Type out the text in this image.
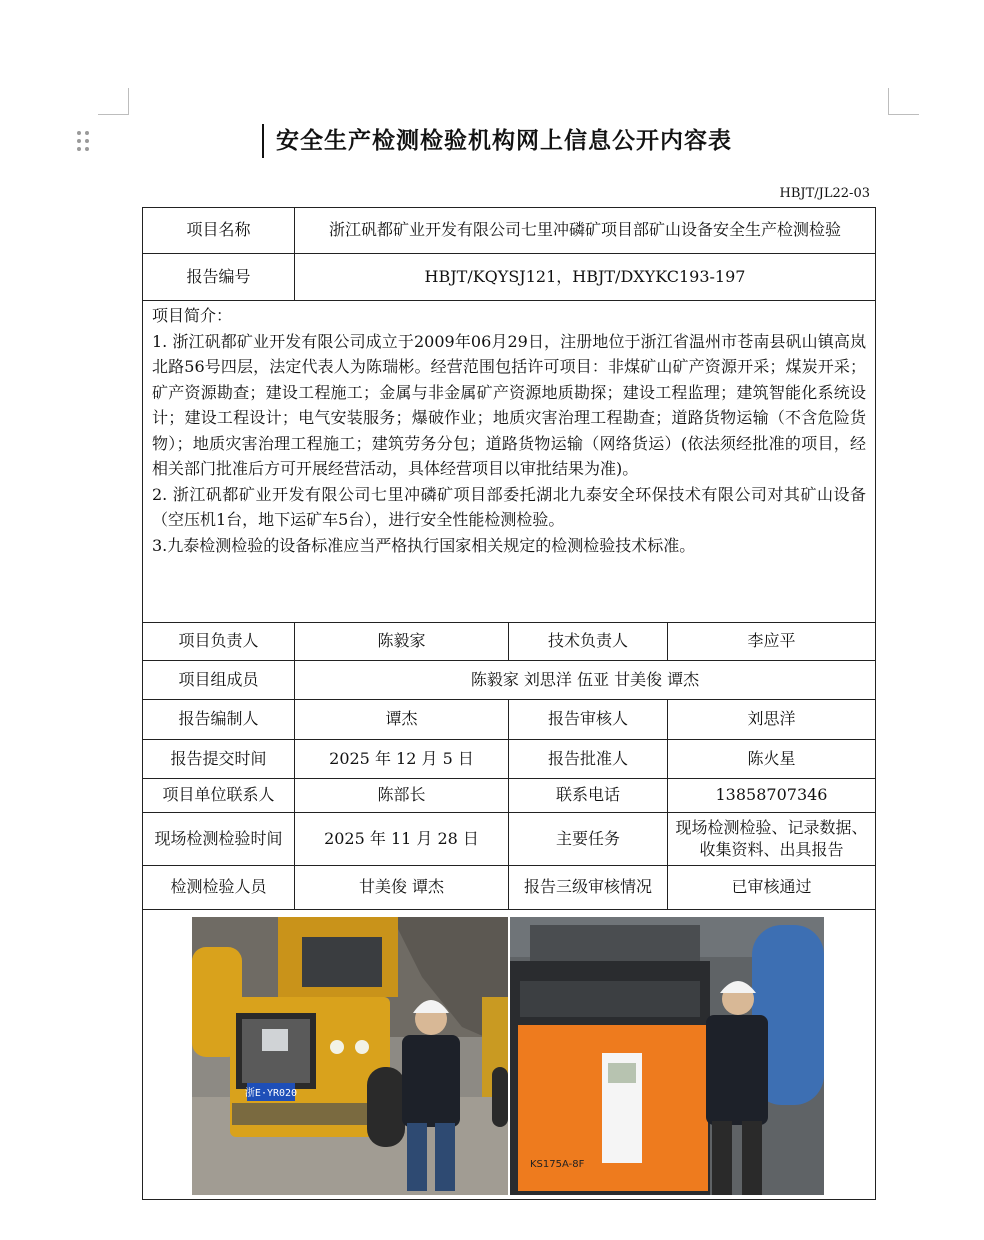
安全生产检测检验机构网上信息公开内容表
HBJT/JL22-03
项目名称	浙江矾都矿业开发有限公司七里冲磷矿项目部矿山设备安全生产检测检验		
报告编号	HBJT/KQYSJ121，HBJT/DXYKC193-197		

项目简介：

1. 浙江矾都矿业开发有限公司成立于2009年06月29日，注册地位于浙江省温州市苍南县矾山镇高岚北路56号四层，法定代表人为陈瑞彬。经营范围包括许可项目：非煤矿山矿产资源开采；煤炭开采；矿产资源勘查；建设工程施工；金属与非金属矿产资源地质勘探；建设工程监理；建筑智能化系统设计；建设工程设计；电气安装服务；爆破作业；地质灾害治理工程勘查；道路货物运输（不含危险货物）；地质灾害治理工程施工；建筑劳务分包；道路货物运输（网络货运）(依法须经批准的项目，经相关部门批准后方可开展经营活动，具体经营项目以审批结果为准)。

2. 浙江矾都矿业开发有限公司七里冲磷矿项目部委托湖北九泰安全环保技术有限公司对其矿山设备（空压机1台，地下运矿车5台），进行安全性能检测检验。

3.九泰检测检验的设备标准应当严格执行国家相关规定的检测检验技术标准。			

项目负责人	陈毅家	技术负责人	李应平
项目组成员	陈毅家 刘思洋 伍亚 甘美俊 谭杰		
报告编制人	谭杰	报告审核人	刘思洋
报告提交时间	2025 年 12 月 5 日	报告批准人	陈火星
项目单位联系人	陈部长	联系电话	13858707346
现场检测检验时间	2025 年 11 月 28 日	主要任务	现场检测检验、记录数据、收集资料、出具报告
检测检验人员	甘美俊 谭杰	报告三级审核情况	已审核通过

浙E·YR020
KS175A-8F			
